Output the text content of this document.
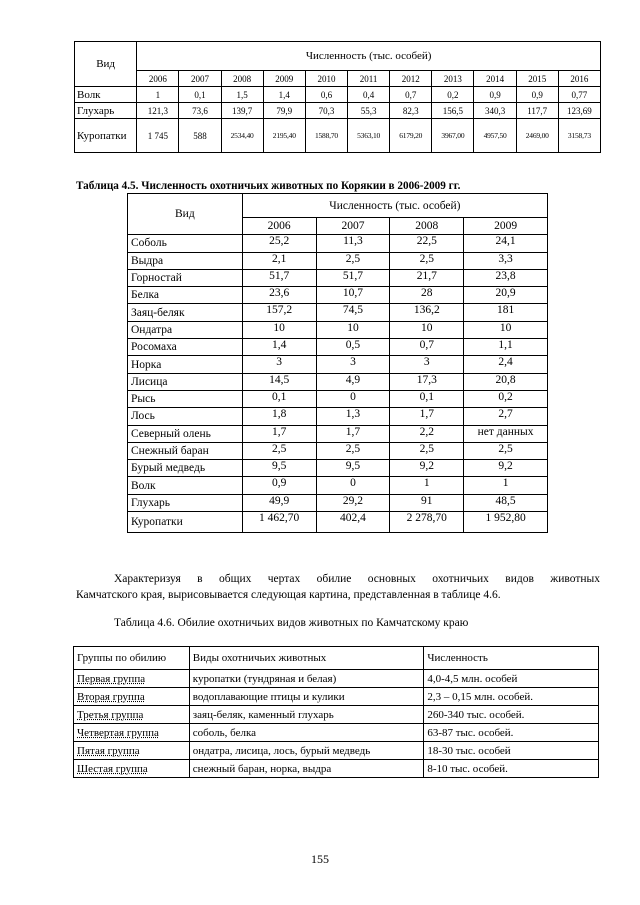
Вид	Численность (тыс. особей)										
	2006	2007	2008	2009	2010	2011	2012	2013	2014	2015	2016
Волк	1	0,1	1,5	1,4	0,6	0,4	0,7	0,2	0,9	0,9	0,77
Глухарь	121,3	73,6	139,7	79,9	70,3	55,3	82,3	156,5	340,3	117,7	123,69
Куропатки	1 745	588	2534,40	2195,40	1588,70	5363,10	6179,20	3967,00	4957,50	2469,00	3158,73
Таблица 4.5. Численность охотничьих животных по Корякии в 2006-2009 гг.
Вид	Численность (тыс. особей)			
	2006	2007	2008	2009
Соболь	25,2	11,3	22,5	24,1
Выдра	2,1	2,5	2,5	3,3
Горностай	51,7	51,7	21,7	23,8
Белка	23,6	10,7	28	20,9
Заяц-беляк	157,2	74,5	136,2	181
Ондатра	10	10	10	10
Росомаха	1,4	0,5	0,7	1,1
Норка	3	3	3	2,4
Лисица	14,5	4,9	17,3	20,8
Рысь	0,1	0	0,1	0,2
Лось	1,8	1,3	1,7	2,7
Северный олень	1,7	1,7	2,2	нет данных
Снежный баран	2,5	2,5	2,5	2,5
Бурый медведь	9,5	9,5	9,2	9,2
Волк	0,9	0	1	1
Глухарь	49,9	29,2	91	48,5
Куропатки	1 462,70	402,4	2 278,70	1 952,80
Характеризуя в общих чертах обилие основных охотничьих видов животных
Камчатского края, вырисовывается следующая картина, представленная в таблице 4.6.
Таблица 4.6. Обилие охотничьих видов животных по Камчатскому краю
Группы по обилию	Виды охотничьих животных	Численность
Первая группа	куропатки (тундряная и белая)	4,0-4,5 млн. особей
Вторая группа	водоплавающие птицы и кулики	2,3 – 0,15 млн. особей.
Третья группа	заяц-беляк, каменный глухарь	260-340 тыс. особей.
Четвертая группа	соболь, белка	63-87 тыс. особей.
Пятая группа	ондатра, лисица, лось, бурый медведь	18-30 тыс. особей
Шестая группа	снежный баран, норка, выдра	8-10 тыс. особей.
155
